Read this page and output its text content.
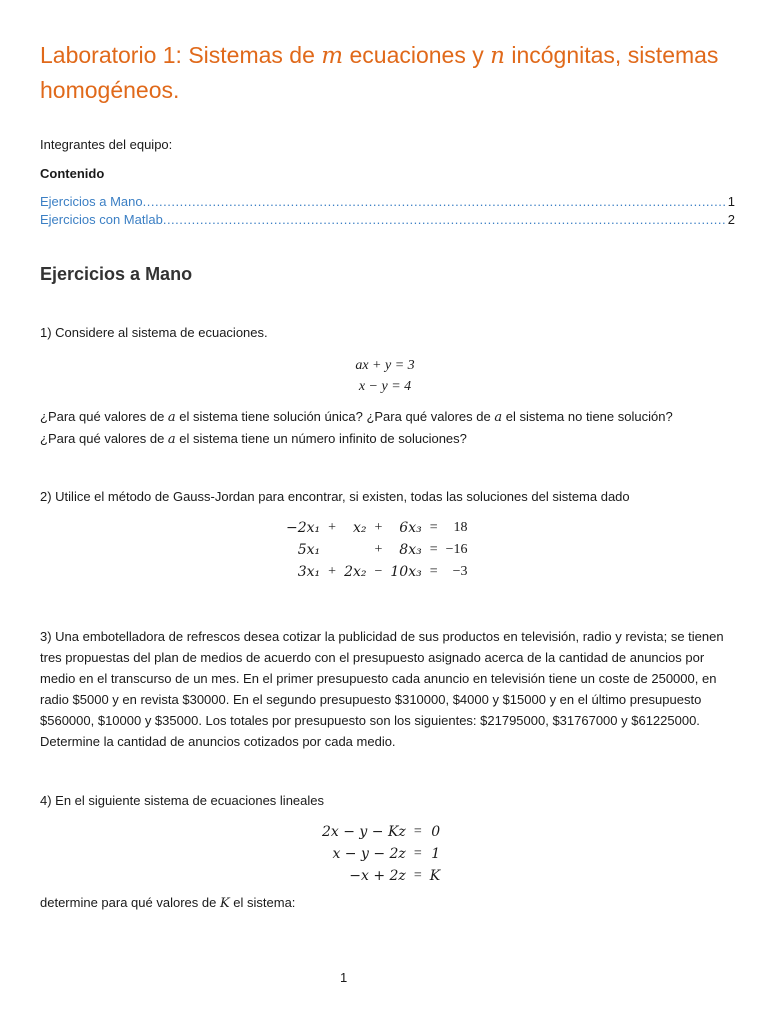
Laboratorio 1: Sistemas de m ecuaciones y n incógnitas, sistemas homogéneos.
Integrantes del equipo:
Contenido
Ejercicios a Mano .....	1
Ejercicios con Matlab .....	2
Ejercicios a Mano

1) Considere al sistema de ecuaciones.

ax + y = 3
x − y = 4

¿Para qué valores de a el sistema tiene solución única? ¿Para qué valores de a el sistema no tiene solución?
¿Para qué valores de a el sistema tiene un número infinito de soluciones?

2) Utilice el método de Gauss-Jordan para encontrar, si existen, todas las soluciones del sistema dado

−2x₁	+	x₂	+	6x₃	=	18
5x₁			+	8x₃	=	−16
3x₁	+	2x₂	−	10x₃	=	−3

3) Una embotelladora de refrescos desea cotizar la publicidad de sus productos en televisión, radio y revista; se tienen tres propuestas del plan de medios de acuerdo con el presupuesto asignado acerca de la cantidad de anuncios por medio en el transcurso de un mes. En el primer presupuesto cada anuncio en televisión tiene un coste de 250000, en radio $5000 y en revista $30000. En el segundo presupuesto $310000, $4000 y $15000 y en el último presupuesto $560000, $10000 y $35000. Los totales por presupuesto son los siguientes: $21795000, $31767000 y $61225000. Determine la cantidad de anuncios cotizados por cada medio.

4) En el siguiente sistema de ecuaciones lineales

2x − y − Kz	=	0
x − y − 2z	=	1
−x + 2z	=	K

determine para qué valores de K el sistema:

1
